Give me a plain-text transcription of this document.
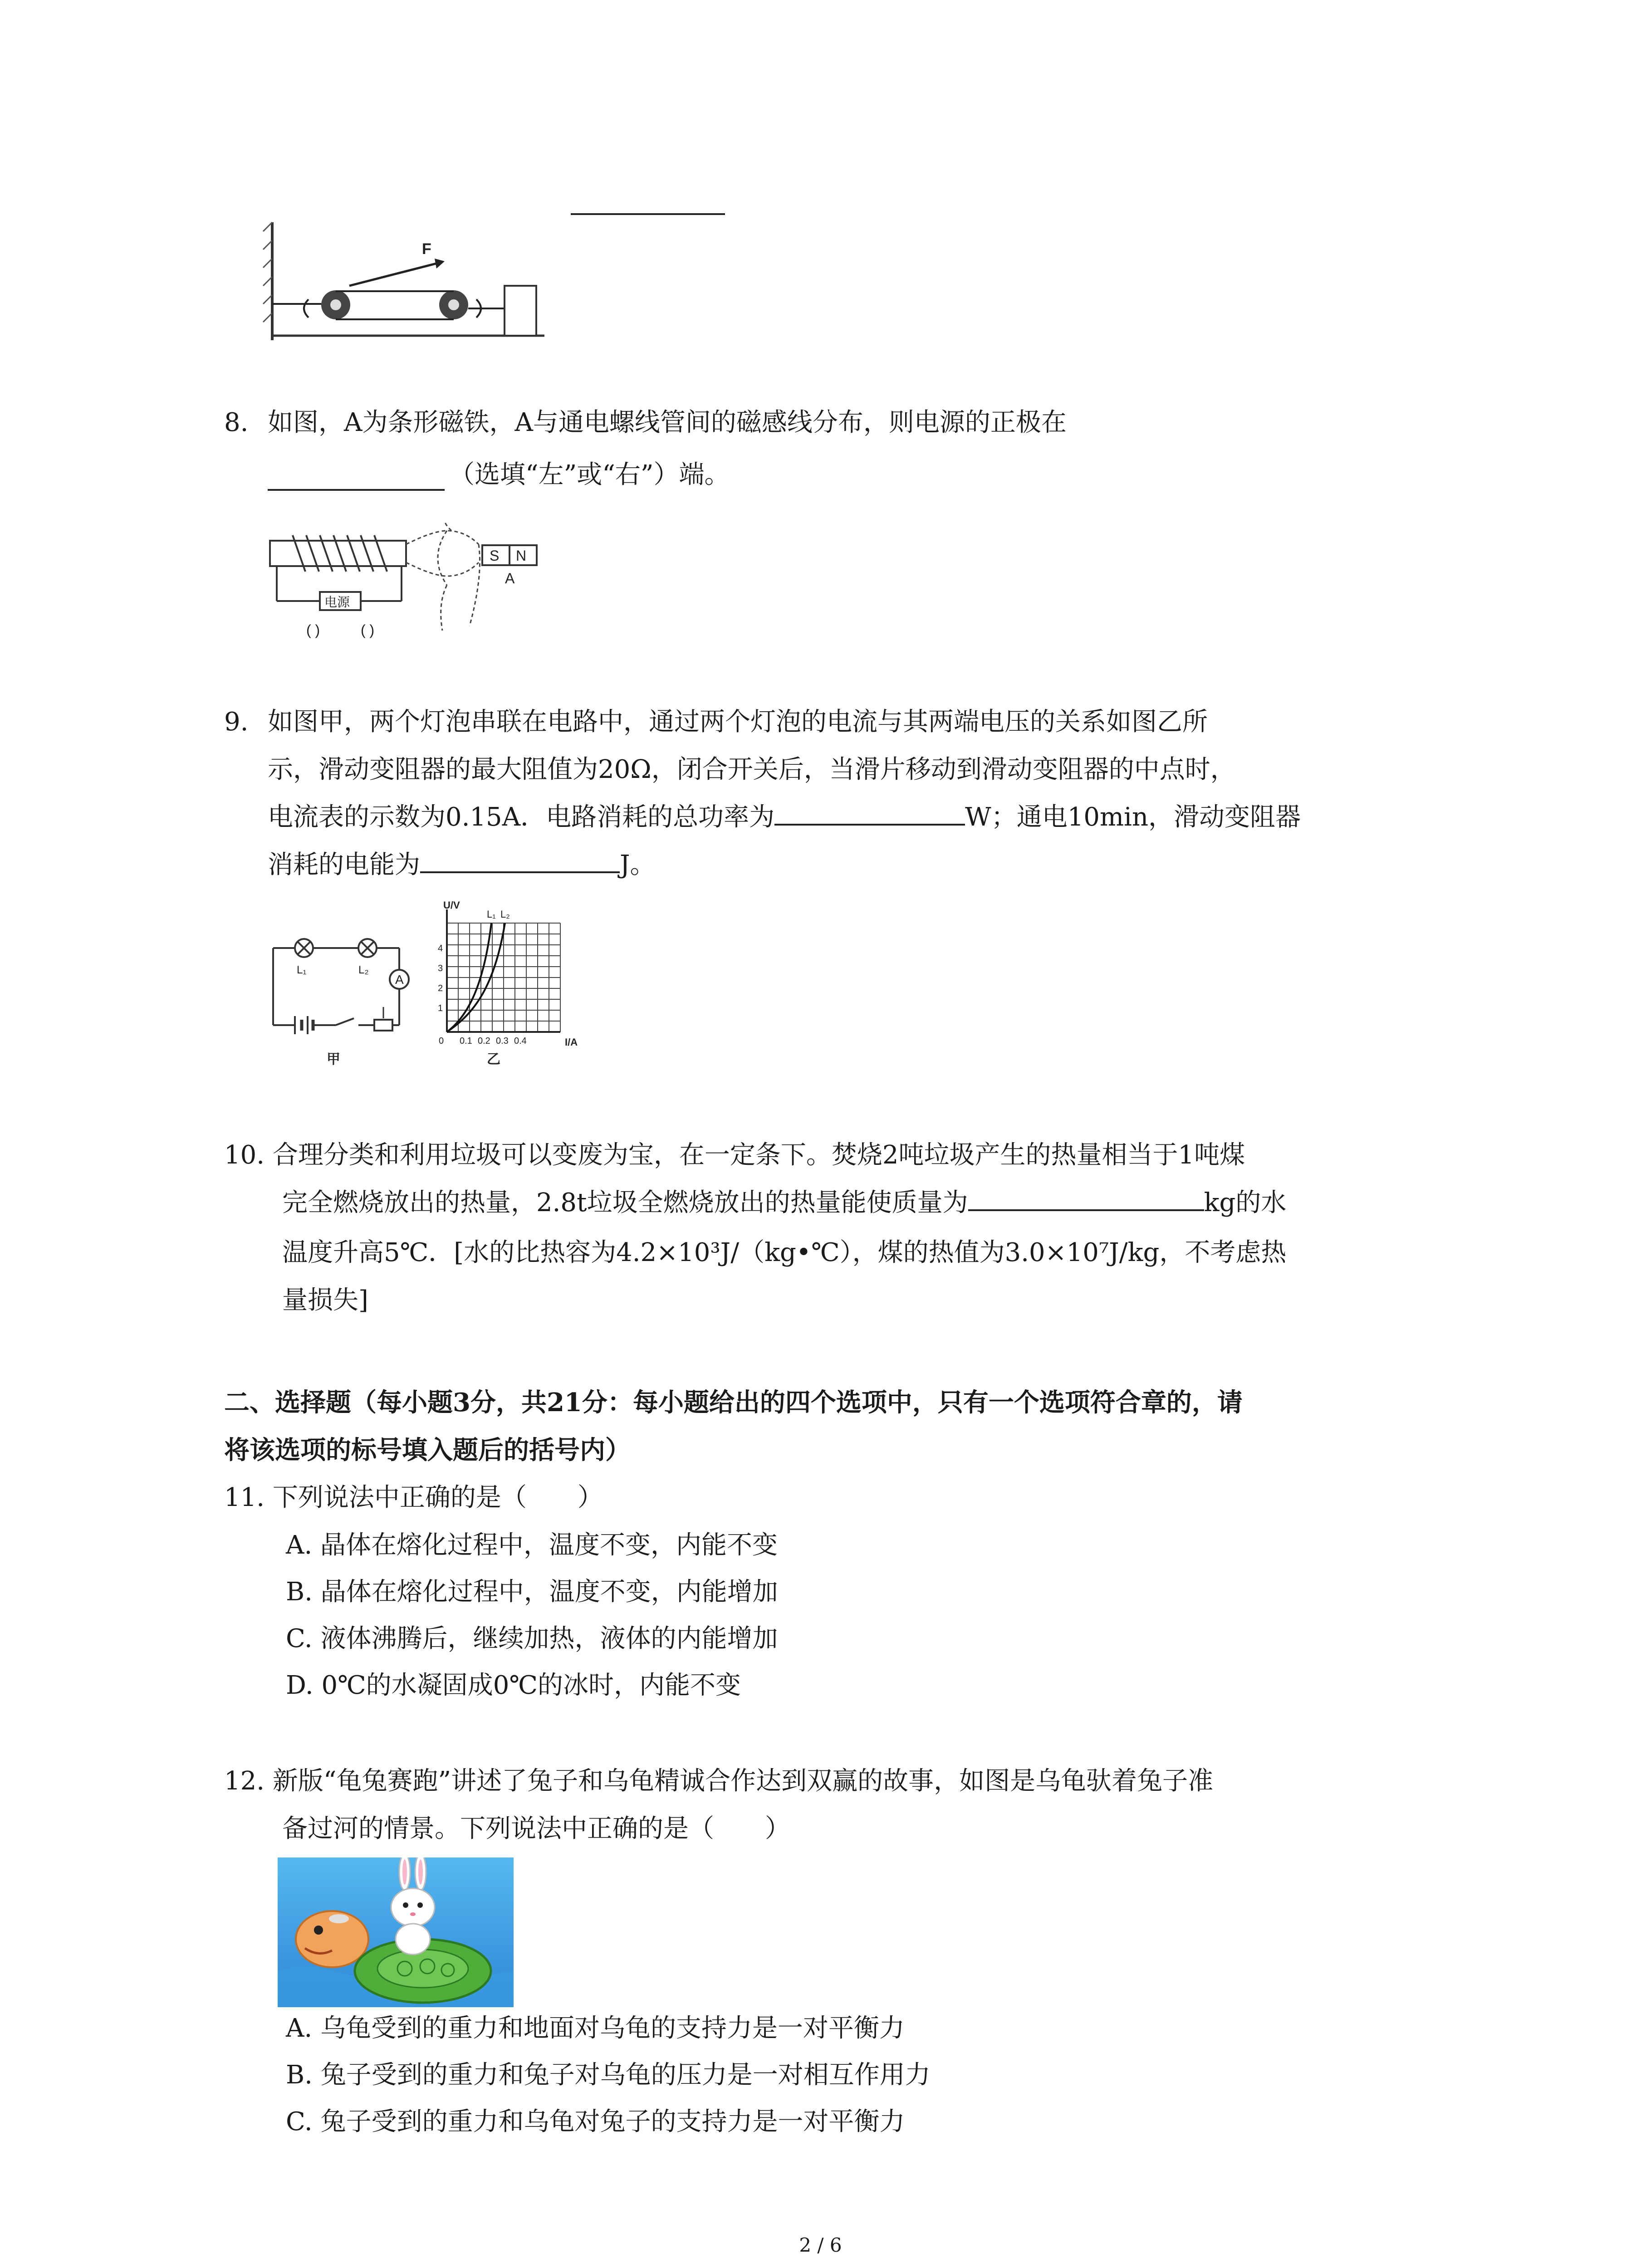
F
8. 如图，A为条形磁铁，A与通电螺线管间的磁感线分布，则电源的正极在
（选填“左”或“右”）端。
电源
( )	( )
S N
A
9. 如图甲，两个灯泡串联在电路中，通过两个灯泡的电流与其两端电压的关系如图乙所
示，滑动变阻器的最大阻值为20Ω，闭合开关后，当滑片移动到滑动变阻器的中点时，
电流表的示数为0.15A．电路消耗的总功率为	W；通电10min，滑动变阻器
消耗的电能为	J。
L₁	L₂
A
甲
U/V
L₁ L₂
1
2
3
4
0 0.1 0.2 0.3 0.4	I/A
乙
10. 合理分类和利用垃圾可以变废为宝，在一定条下。焚烧2吨垃圾产生的热量相当于1吨煤
完全燃烧放出的热量，2.8t垃圾全燃烧放出的热量能使质量为	kg的水
温度升高5℃．[水的比热容为4.2×10³J/（kg•℃），煤的热值为3.0×10⁷J/kg，不考虑热
量损失]
二、选择题（每小题3分，共21分：每小题给出的四个选项中，只有一个选项符合章的，请
将该选项的标号填入题后的括号内）
11. 下列说法中正确的是（　　）
A. 晶体在熔化过程中，温度不变，内能不变
B. 晶体在熔化过程中，温度不变，内能增加
C. 液体沸腾后，继续加热，液体的内能增加
D. 0℃的水凝固成0℃的冰时，内能不变
12. 新版“龟兔赛跑”讲述了兔子和乌龟精诚合作达到双赢的故事，如图是乌龟驮着兔子准
备过河的情景。下列说法中正确的是（　　）
A. 乌龟受到的重力和地面对乌龟的支持力是一对平衡力
B. 兔子受到的重力和兔子对乌龟的压力是一对相互作用力
C. 兔子受到的重力和乌龟对兔子的支持力是一对平衡力
2 / 6
